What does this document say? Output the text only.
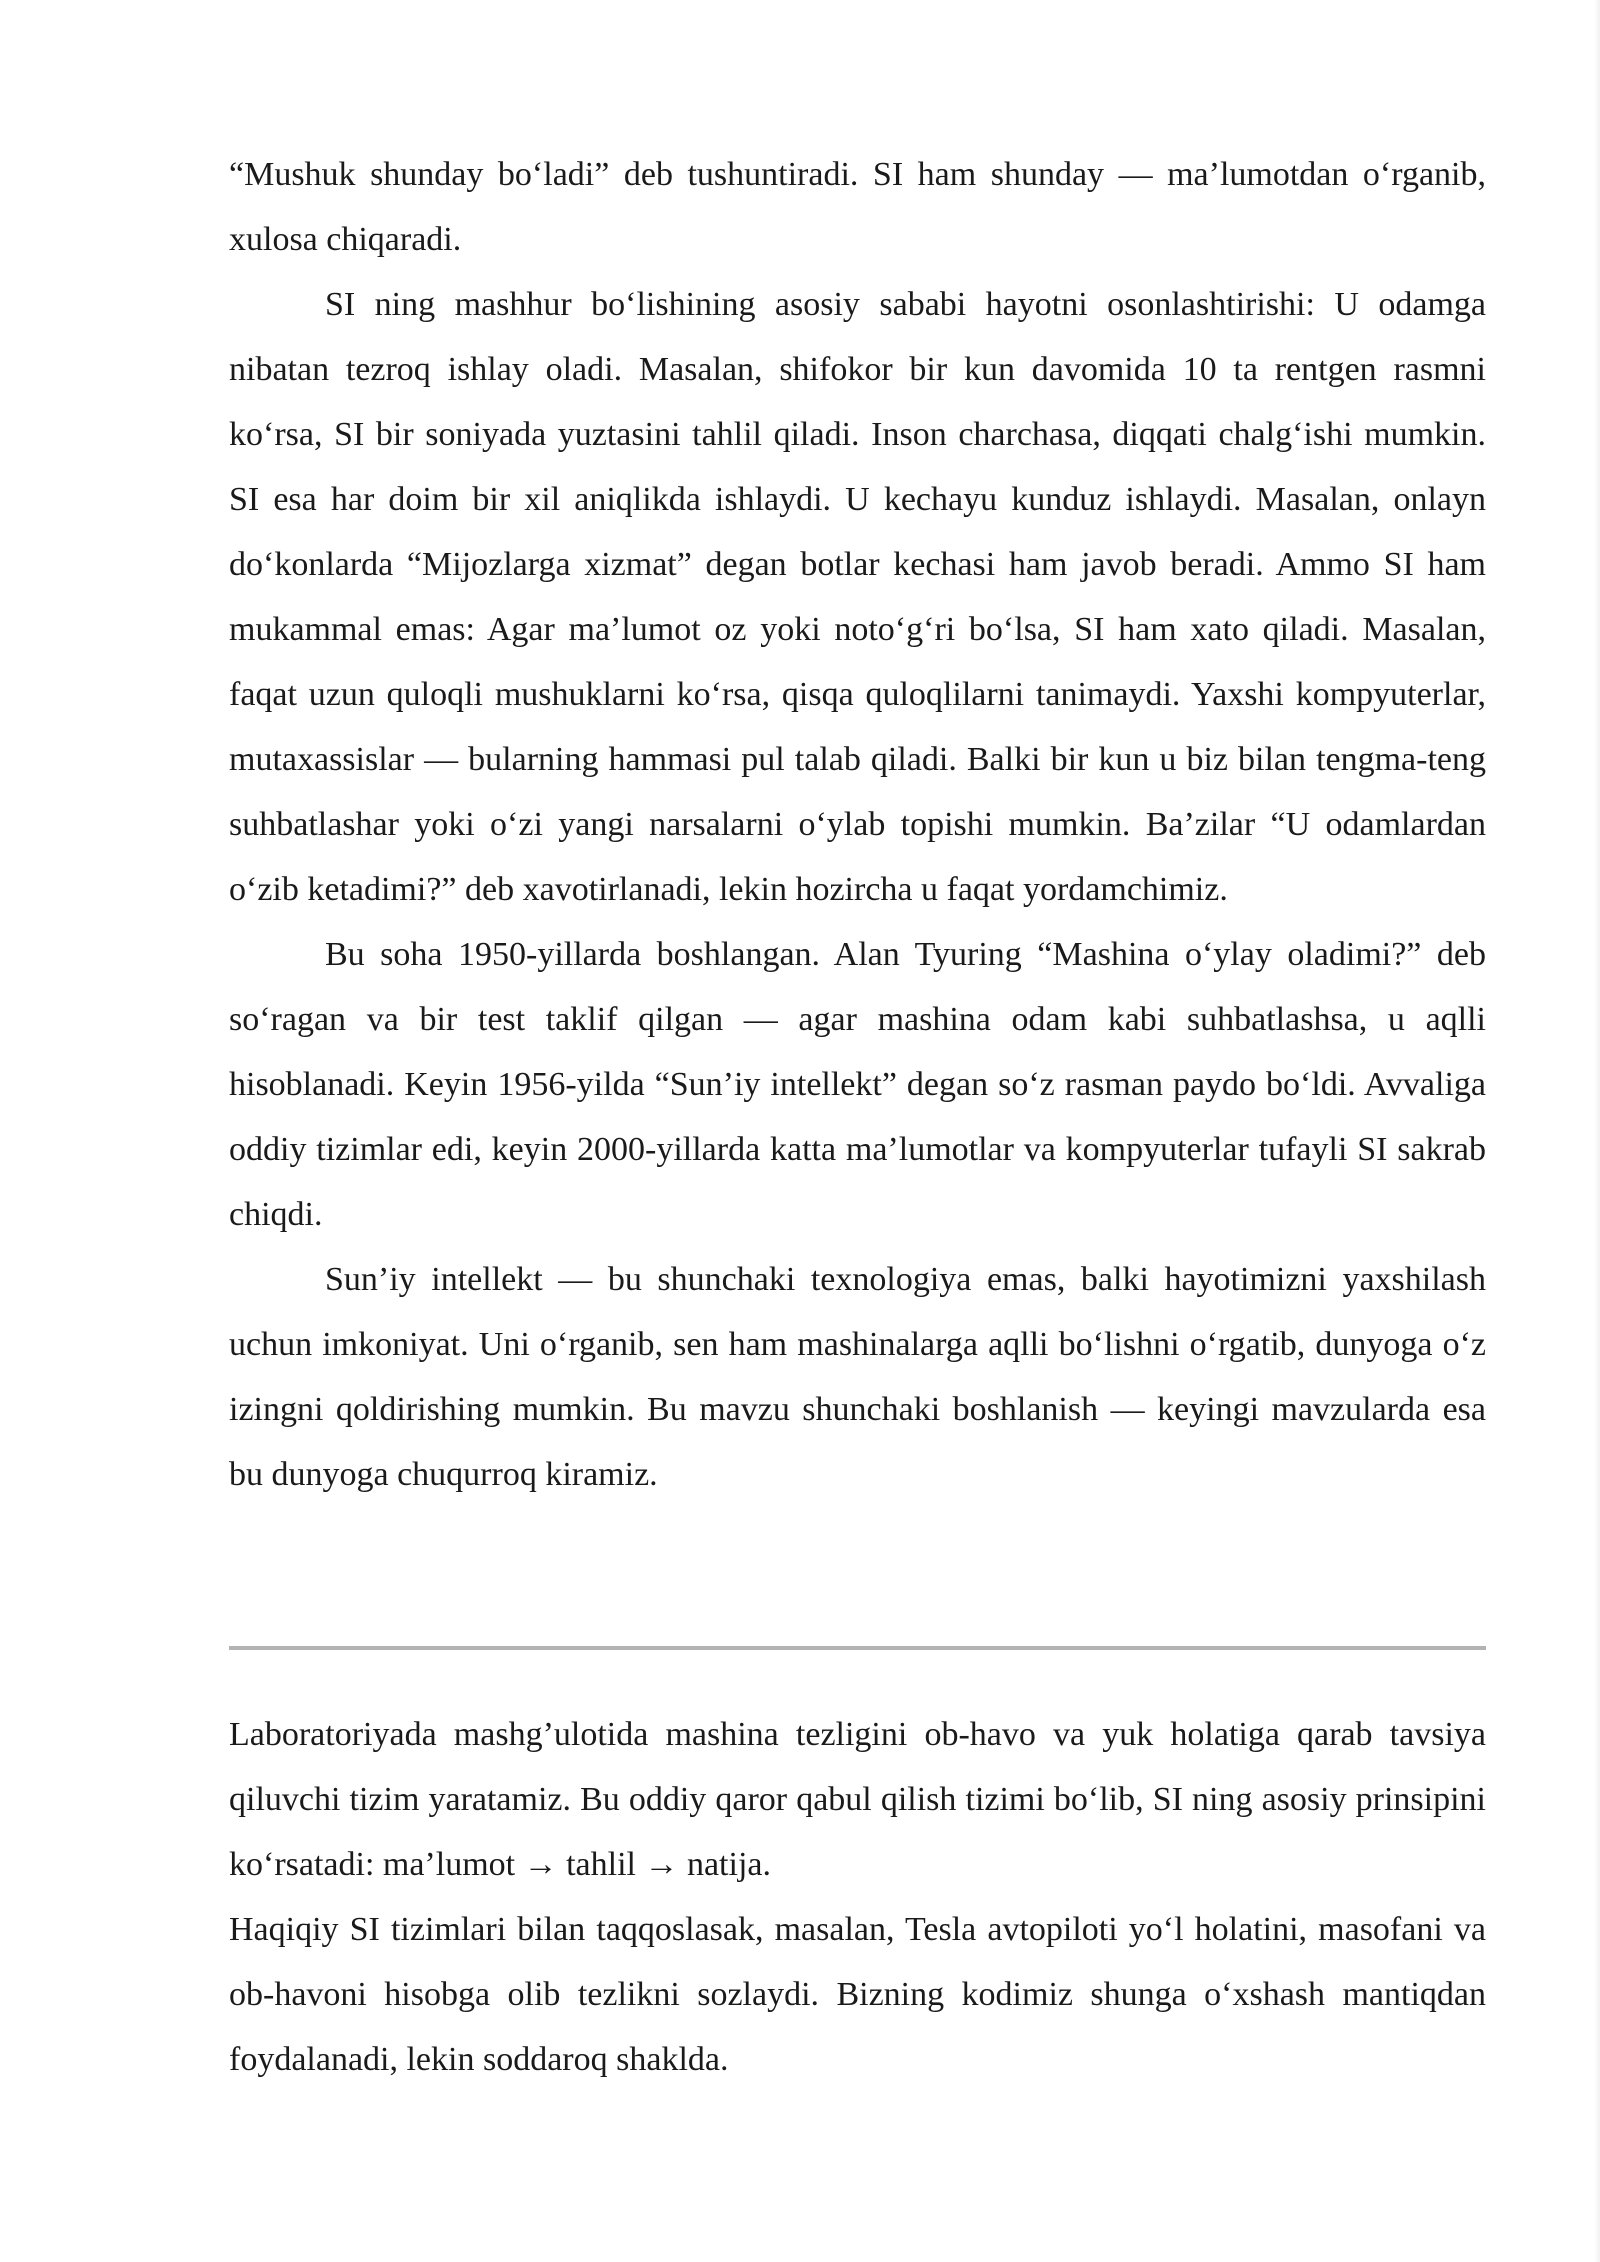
“Mushuk shunday bo‘ladi” deb tushuntiradi. SI ham shunday — ma’lumotdan o‘rganib, xulosa chiqaradi.

SI ning mashhur bo‘lishining asosiy sababi hayotni osonlashtirishi: U odamga nibatan tezroq ishlay oladi. Masalan, shifokor bir kun davomida 10 ta rentgen rasmni ko‘rsa, SI bir soniyada yuztasini tahlil qiladi. Inson charchasa, diqqati chalg‘ishi mumkin. SI esa har doim bir xil aniqlikda ishlaydi. U kechayu kunduz ishlaydi. Masalan, onlayn do‘konlarda “Mijozlarga xizmat” degan botlar kechasi ham javob beradi. Ammo SI ham mukammal emas: Agar ma’lumot oz yoki noto‘g‘ri bo‘lsa, SI ham xato qiladi. Masalan, faqat uzun quloqli mushuklarni ko‘rsa, qisqa quloqlilarni tanimaydi. Yaxshi kompyuterlar, mutaxassislar — bularning hammasi pul talab qiladi. Balki bir kun u biz bilan tengma-teng suhbatlashar yoki o‘zi yangi narsalarni o‘ylab topishi mumkin. Ba’zilar “U odamlardan o‘zib ketadimi?” deb xavotirlanadi, lekin hozircha u faqat yordamchimiz.

Bu soha 1950-yillarda boshlangan. Alan Tyuring “Mashina o‘ylay oladimi?” deb so‘ragan va bir test taklif qilgan — agar mashina odam kabi suhbatlashsa, u aqlli hisoblanadi. Keyin 1956-yilda “Sun’iy intellekt” degan so‘z rasman paydo bo‘ldi. Avvaliga oddiy tizimlar edi, keyin 2000-yillarda katta ma’lumotlar va kompyuterlar tufayli SI sakrab chiqdi.

Sun’iy intellekt — bu shunchaki texnologiya emas, balki hayotimizni yaxshilash uchun imkoniyat. Uni o‘rganib, sen ham mashinalarga aqlli bo‘lishni o‘rgatib, dunyoga o‘z izingni qoldirishing mumkin. Bu mavzu shunchaki boshlanish — keyingi mavzularda esa bu dunyoga chuqurroq kiramiz.

Laboratoriyada mashg’ulotida mashina tezligini ob-havo va yuk holatiga qarab tavsiya qiluvchi tizim yaratamiz. Bu oddiy qaror qabul qilish tizimi bo‘lib, SI ning asosiy prinsipini ko‘rsatadi: ma’lumot → tahlil → natija.

Haqiqiy SI tizimlari bilan taqqoslasak, masalan, Tesla avtopiloti yo‘l holatini, masofani va ob-havoni hisobga olib tezlikni sozlaydi. Bizning kodimiz shunga o‘xshash mantiqdan foydalanadi, lekin soddaroq shaklda.
